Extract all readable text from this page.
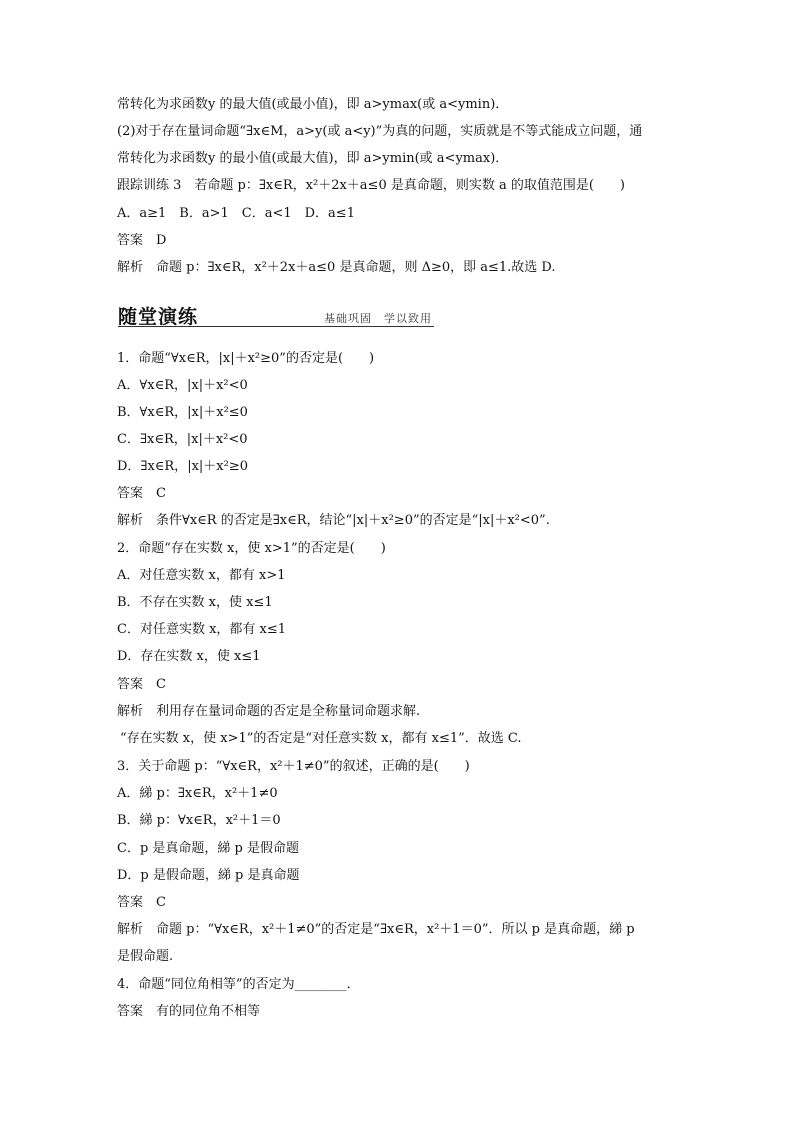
常转化为求函数y 的最大值(或最小值)，即 a>ymax(或 a<ymin)．
(2)对于存在量词命题“∃x∈M，a>y(或 a<y)”为真的问题，实质就是不等式能成立问题，通
常转化为求函数y 的最小值(或最大值)，即 a>ymin(或 a<ymax)．
跟踪训练 3　若命题 p：∃x∈R，x²＋2x＋a≤0 是真命题，则实数 a 的取值范围是(　　)
A．a≥1　B．a>1　C．a<1　D．a≤1
答案　D
解析　命题 p：∃x∈R，x²＋2x＋a≤0 是真命题，则 Δ≥0，即 a≤1.故选 D.
随堂演练	基础巩固　学以致用
1．命题“∀x∈R，|x|＋x²≥0”的否定是(　　)
A．∀x∈R，|x|＋x²<0
B．∀x∈R，|x|＋x²≤0
C．∃x∈R，|x|＋x²<0
D．∃x∈R，|x|＋x²≥0
答案　C
解析　条件∀x∈R 的否定是∃x∈R，结论“|x|＋x²≥0”的否定是“|x|＋x²<0”.
2．命题“存在实数 x，使 x>1”的否定是(　　)
A．对任意实数 x，都有 x>1
B．不存在实数 x，使 x≤1
C．对任意实数 x，都有 x≤1
D．存在实数 x，使 x≤1
答案　C
解析　利用存在量词命题的否定是全称量词命题求解.
“存在实数 x，使 x>1”的否定是“对任意实数 x，都有 x≤1”．故选 C.
3．关于命题 p：“∀x∈R，x²＋1≠0”的叙述，正确的是(　　)
A．綈 p：∃x∈R，x²＋1≠0
B．綈 p：∀x∈R，x²＋1＝0
C．p 是真命题，綈 p 是假命题
D．p 是假命题，綈 p 是真命题
答案　C
解析　命题 p：“∀x∈R，x²＋1≠0”的否定是“∃x∈R，x²＋1＝0”．所以 p 是真命题，綈 p
是假命题.
4．命题“同位角相等”的否定为________．
答案　有的同位角不相等
